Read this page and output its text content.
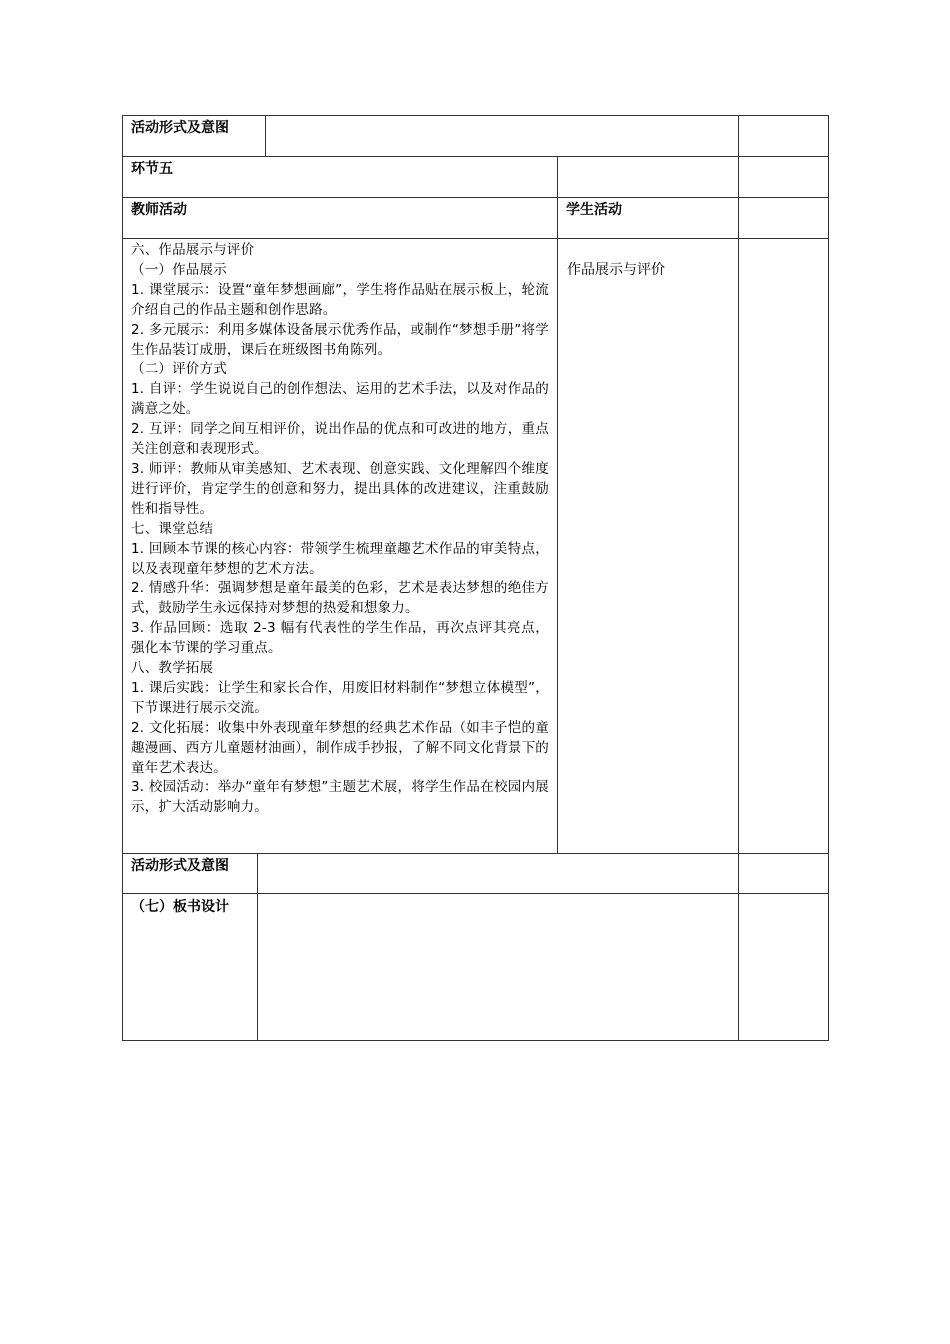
活动形式及意图
环节五
教师活动	学生活动

六、作品展示与评价

（一）作品展示

1. 课堂展示：设置“童年梦想画廊”，学生将作品贴在展示板上，轮流介绍自己的作品主题和创作思路。

2. 多元展示：利用多媒体设备展示优秀作品，或制作“梦想手册”将学生作品装订成册，课后在班级图书角陈列。

（二）评价方式

1. 自评：学生说说自己的创作想法、运用的艺术手法，以及对作品的满意之处。

2. 互评：同学之间互相评价，说出作品的优点和可改进的地方，重点关注创意和表现形式。

3. 师评：教师从审美感知、艺术表现、创意实践、文化理解四个维度进行评价，肯定学生的创意和努力，提出具体的改进建议，注重鼓励性和指导性。

七、课堂总结

1. 回顾本节课的核心内容：带领学生梳理童趣艺术作品的审美特点，以及表现童年梦想的艺术方法。

2. 情感升华：强调梦想是童年最美的色彩，艺术是表达梦想的绝佳方式，鼓励学生永远保持对梦想的热爱和想象力。

3. 作品回顾：选取 2-3 幅有代表性的学生作品，再次点评其亮点，强化本节课的学习重点。

八、教学拓展

1. 课后实践：让学生和家长合作，用废旧材料制作“梦想立体模型”，下节课进行展示交流。

2. 文化拓展：收集中外表现童年梦想的经典艺术作品（如丰子恺的童趣漫画、西方儿童题材油画），制作成手抄报，了解不同文化背景下的童年艺术表达。

3. 校园活动：举办“童年有梦想”主题艺术展，将学生作品在校园内展示，扩大活动影响力。

作品展示与评价
活动形式及意图
（七）板书设计
